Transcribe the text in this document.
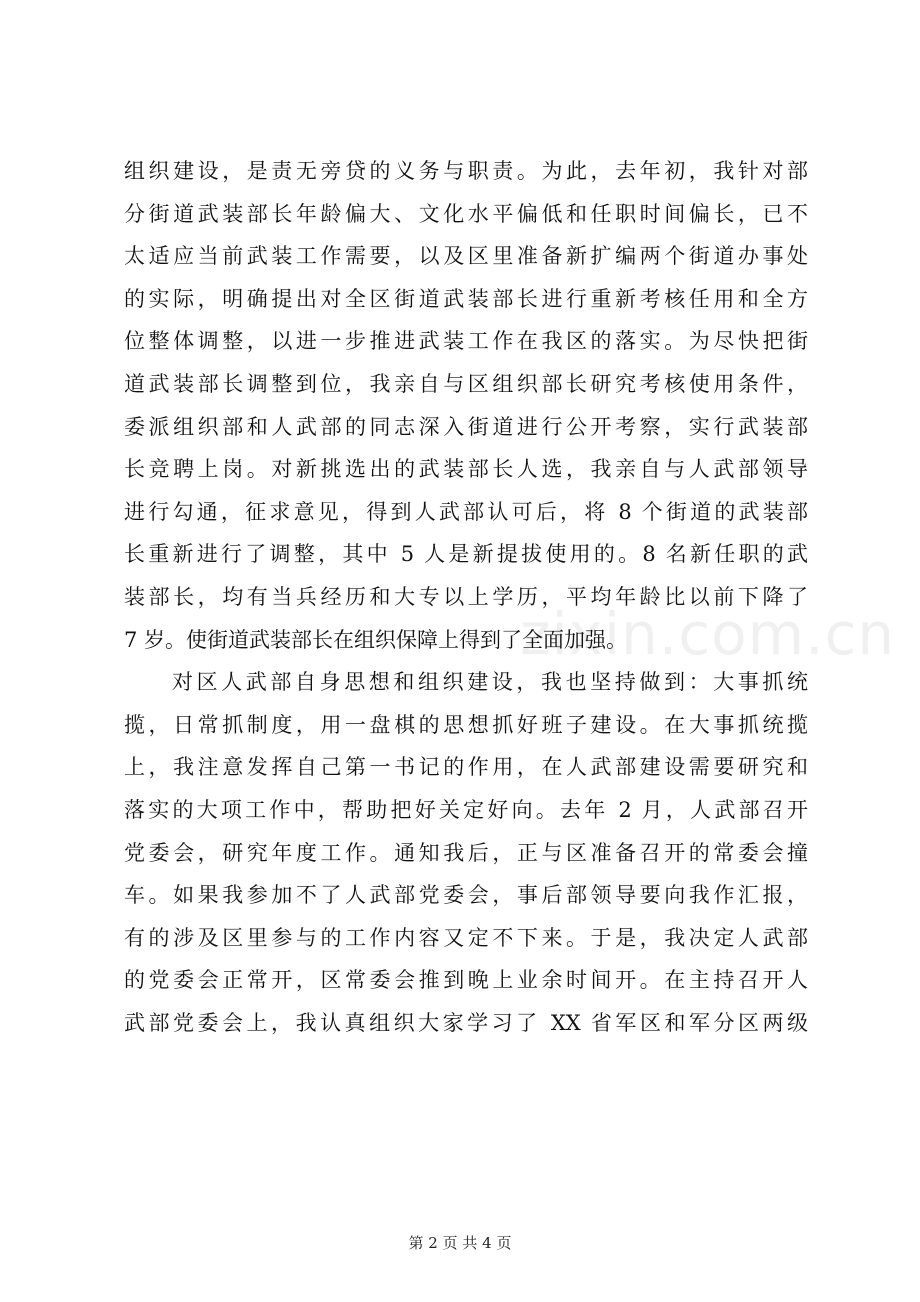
组织建设，是责无旁贷的义务与职责。为此，去年初，我针对部
分街道武装部长年龄偏大、文化水平偏低和任职时间偏长，已不
太适应当前武装工作需要，以及区里准备新扩编两个街道办事处
的实际，明确提出对全区街道武装部长进行重新考核任用和全方
位整体调整，以进一步推进武装工作在我区的落实。为尽快把街
道武装部长调整到位，我亲自与区组织部长研究考核使用条件，
委派组织部和人武部的同志深入街道进行公开考察，实行武装部
长竞聘上岗。对新挑选出的武装部长人选，我亲自与人武部领导
进行勾通，征求意见，得到人武部认可后，将 8 个街道的武装部
长重新进行了调整，其中 5 人是新提拔使用的。8 名新任职的武
装部长，均有当兵经历和大专以上学历，平均年龄比以前下降了
7 岁。使街道武装部长在组织保障上得到了全面加强。
对区人武部自身思想和组织建设，我也坚持做到：大事抓统
揽，日常抓制度，用一盘棋的思想抓好班子建设。在大事抓统揽
上，我注意发挥自己第一书记的作用，在人武部建设需要研究和
落实的大项工作中，帮助把好关定好向。去年 2 月，人武部召开
党委会，研究年度工作。通知我后，正与区准备召开的常委会撞
车。如果我参加不了人武部党委会，事后部领导要向我作汇报，
有的涉及区里参与的工作内容又定不下来。于是，我决定人武部
的党委会正常开，区常委会推到晚上业余时间开。在主持召开人
武部党委会上，我认真组织大家学习了 XX 省军区和军分区两级
zixin.com.cn
第 2 页 共 4 页
